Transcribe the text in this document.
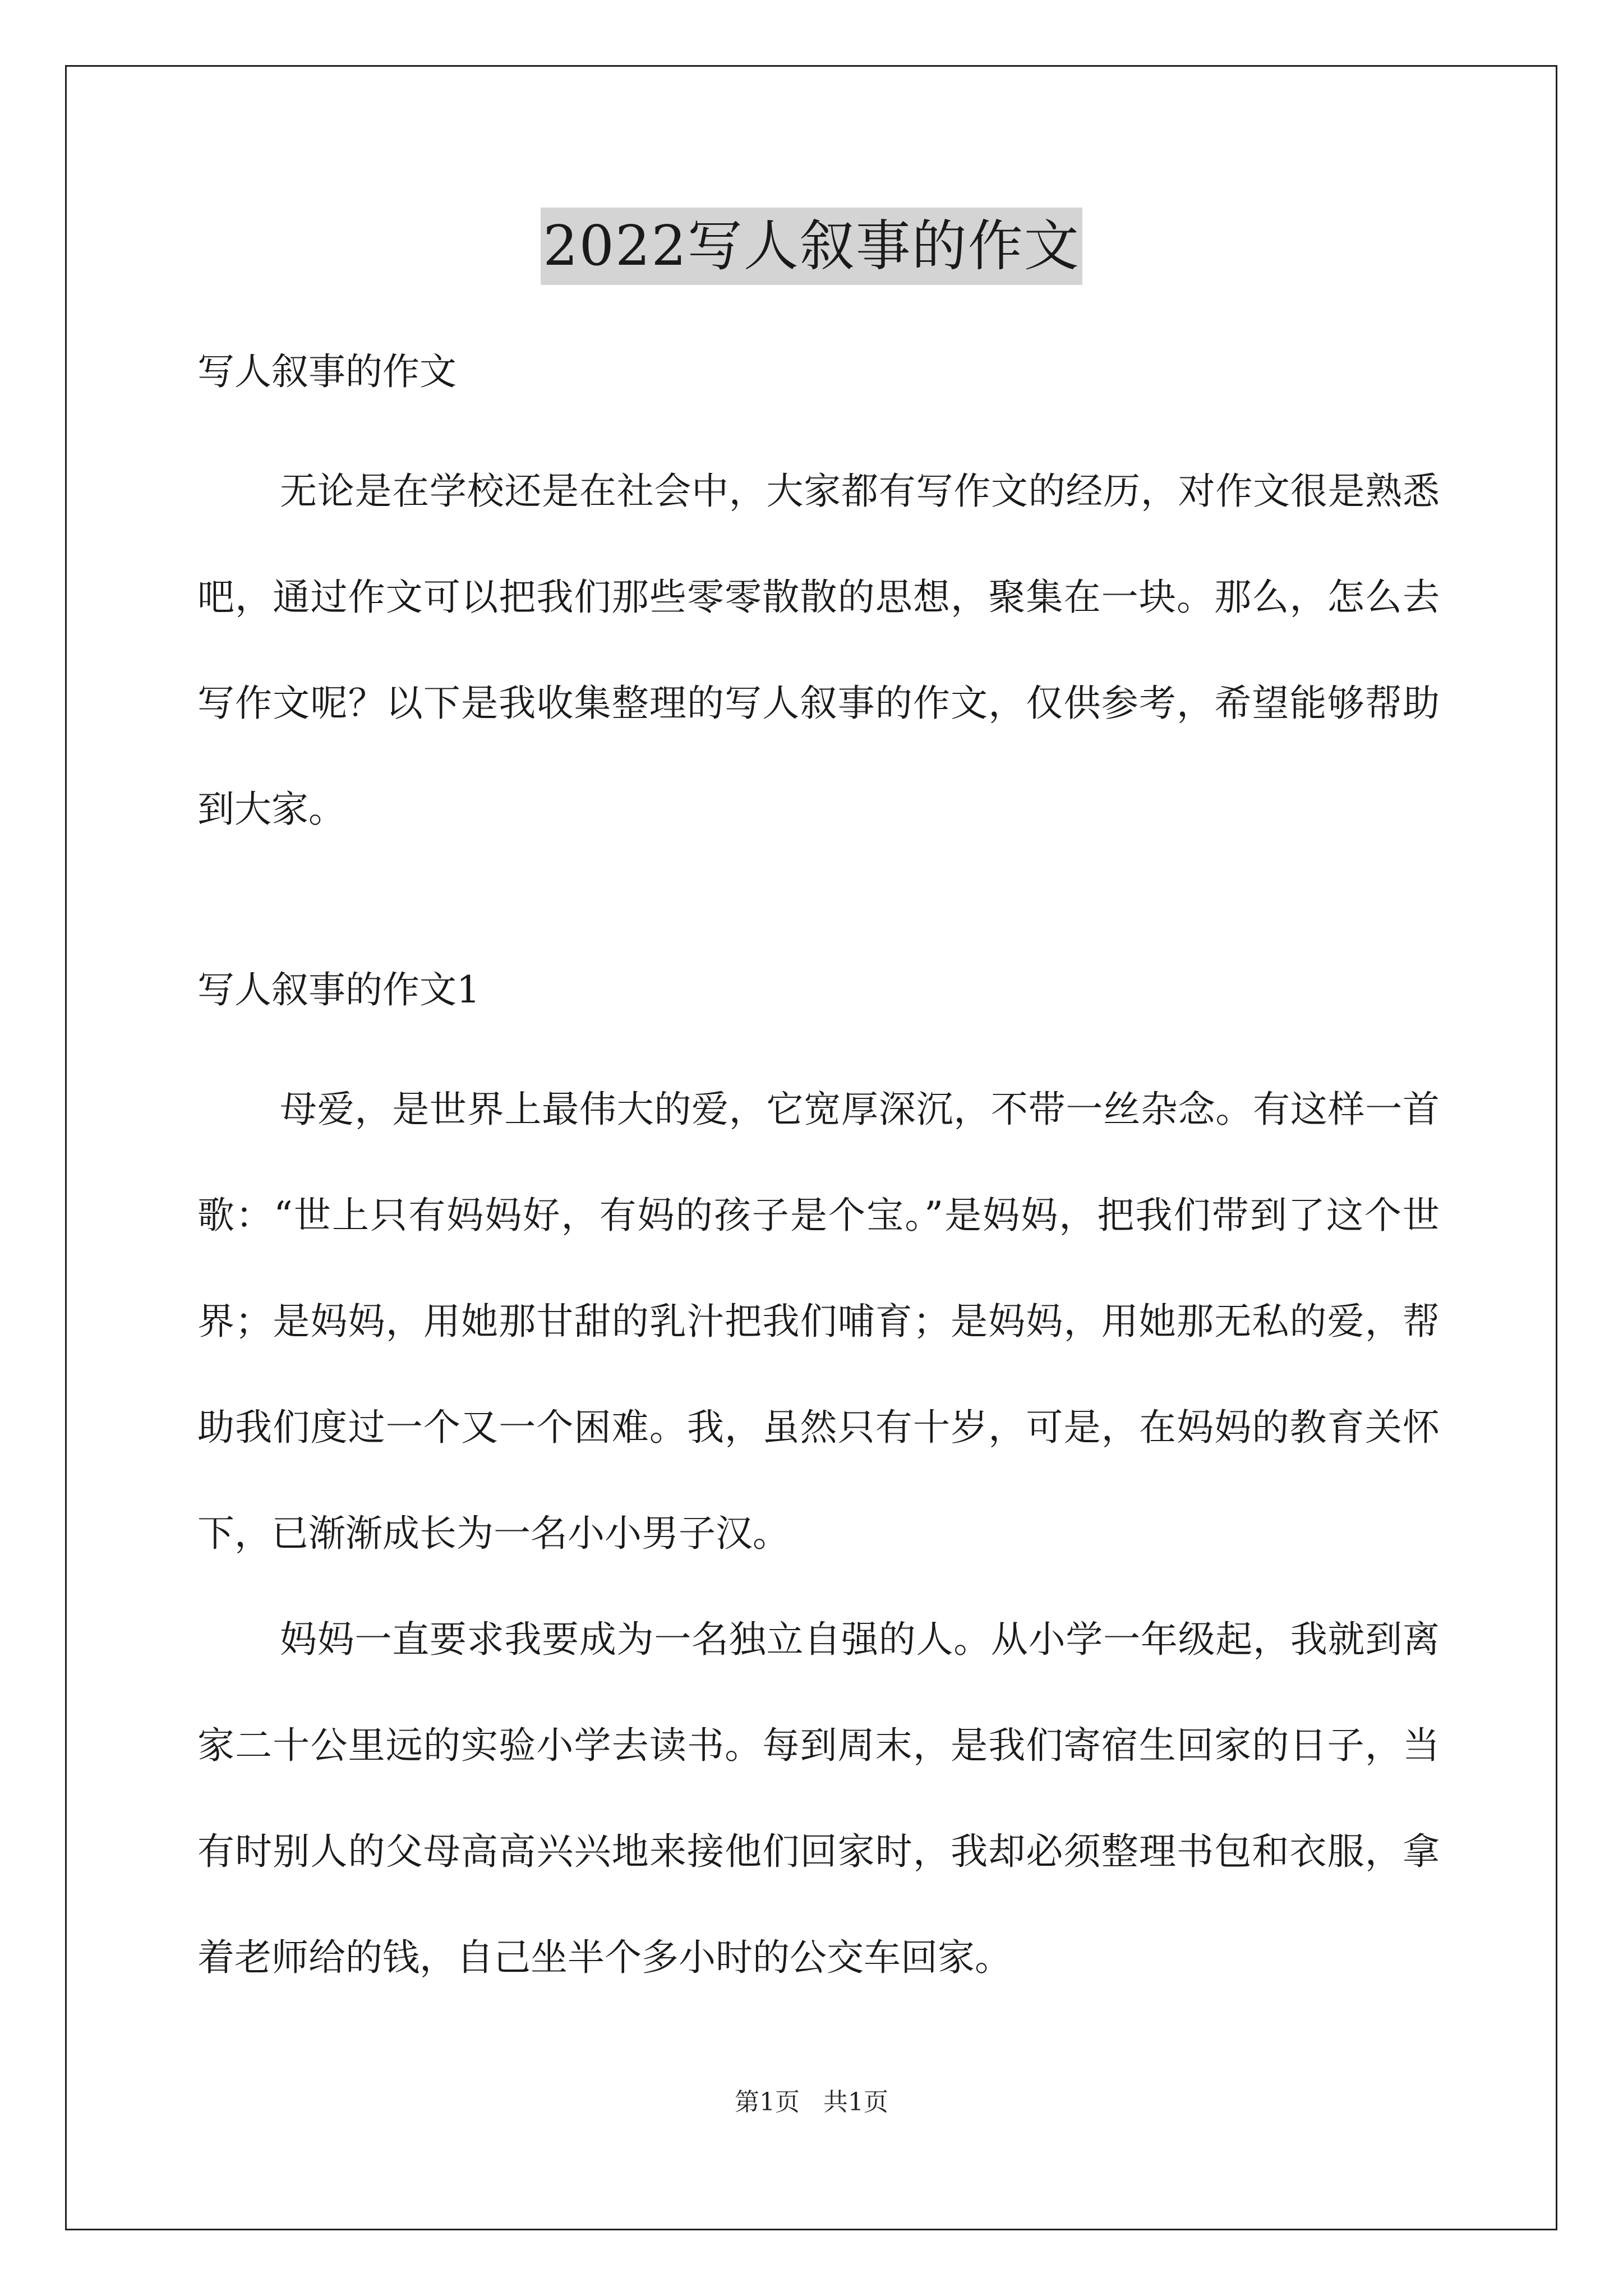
2022写人叙事的作文

写人叙事的作文

无论是在学校还是在社会中，大家都有写作文的经历，对作文很是熟悉吧，通过作文可以把我们那些零零散散的思想，聚集在一块。那么，怎么去写作文呢？以下是我收集整理的写人叙事的作文，仅供参考，希望能够帮助到大家。

写人叙事的作文1

母爱，是世界上最伟大的爱，它宽厚深沉，不带一丝杂念。有这样一首歌：“世上只有妈妈好，有妈的孩子是个宝。”是妈妈，把我们带到了这个世界；是妈妈，用她那甘甜的乳汁把我们哺育；是妈妈，用她那无私的爱，帮助我们度过一个又一个困难。我，虽然只有十岁，可是，在妈妈的教育关怀下，已渐渐成长为一名小小男子汉。

妈妈一直要求我要成为一名独立自强的人。从小学一年级起，我就到离家二十公里远的实验小学去读书。每到周末，是我们寄宿生回家的日子，当有时别人的父母高高兴兴地来接他们回家时，我却必须整理书包和衣服，拿着老师给的钱，自己坐半个多小时的公交车回家。

第1页 共1页
